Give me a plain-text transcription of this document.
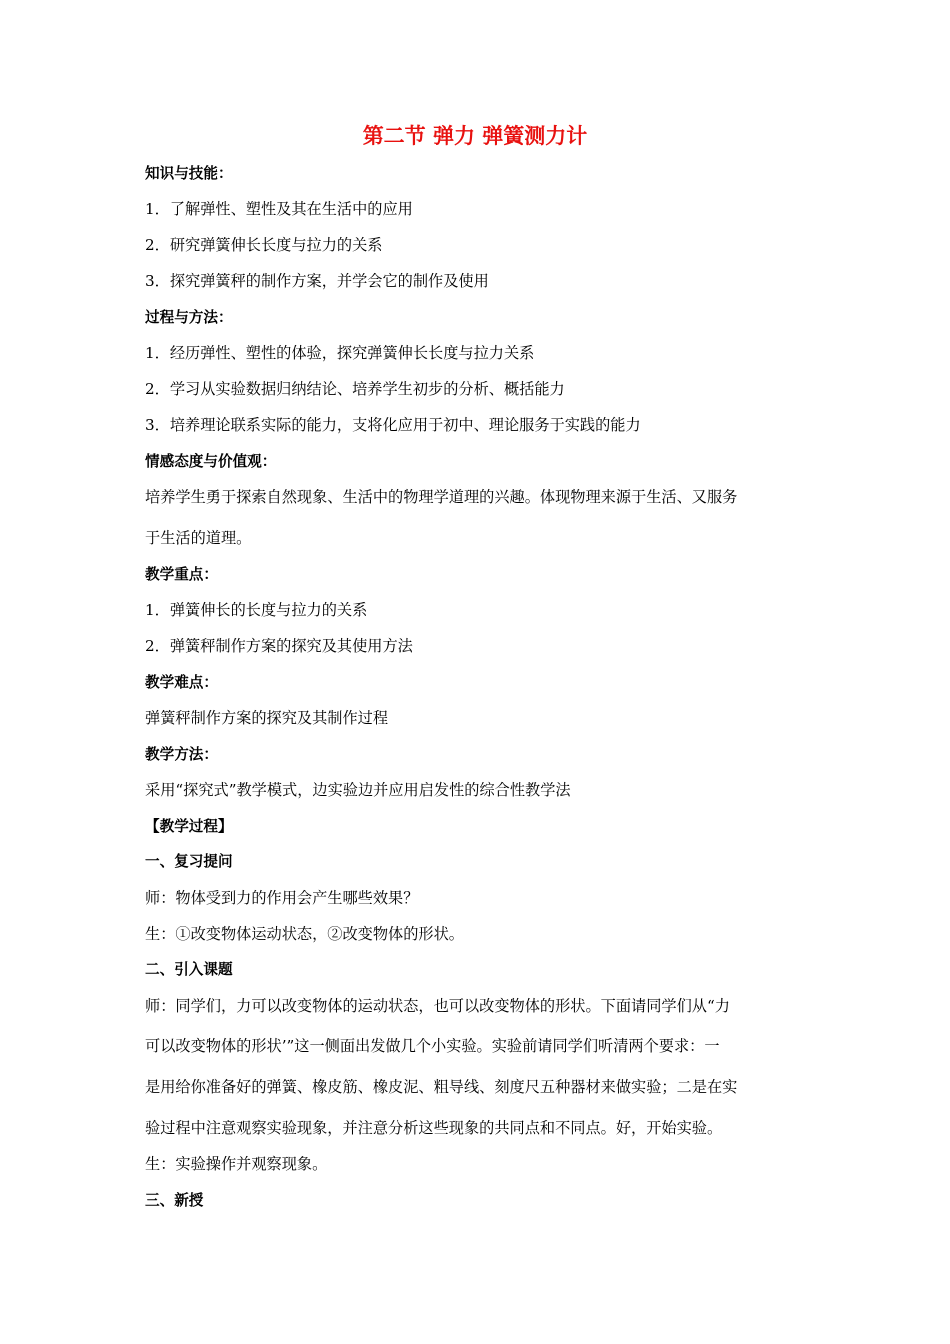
第二节 弹力 弹簧测力计
知识与技能：
1．了解弹性、塑性及其在生活中的应用
2．研究弹簧伸长长度与拉力的关系
3．探究弹簧秤的制作方案，并学会它的制作及使用
过程与方法：
1．经历弹性、塑性的体验，探究弹簧伸长长度与拉力关系
2．学习从实验数据归纳结论、培养学生初步的分析、概括能力
3．培养理论联系实际的能力，支将化应用于初中、理论服务于实践的能力
情感态度与价值观：
培养学生勇于探索自然现象、生活中的物理学道理的兴趣。体现物理来源于生活、又服务
于生活的道理。
教学重点：
1．弹簧伸长的长度与拉力的关系
2．弹簧秤制作方案的探究及其使用方法
教学难点：
弹簧秤制作方案的探究及其制作过程
教学方法：
采用“探究式”教学模式，边实验边并应用启发性的综合性教学法
【教学过程】
一、复习提问
师：物体受到力的作用会产生哪些效果？
生：①改变物体运动状态，②改变物体的形状。
二、引入课题
师：同学们，力可以改变物体的运动状态，也可以改变物体的形状。下面请同学们从“力
可以改变物体的形状’”这一侧面出发做几个小实验。实验前请同学们听清两个要求：一
是用给你准备好的弹簧、橡皮筋、橡皮泥、粗导线、刻度尺五种器材来做实验；二是在实
验过程中注意观察实验现象，并注意分析这些现象的共同点和不同点。好，开始实验。
生：实验操作并观察现象。
三、新授
